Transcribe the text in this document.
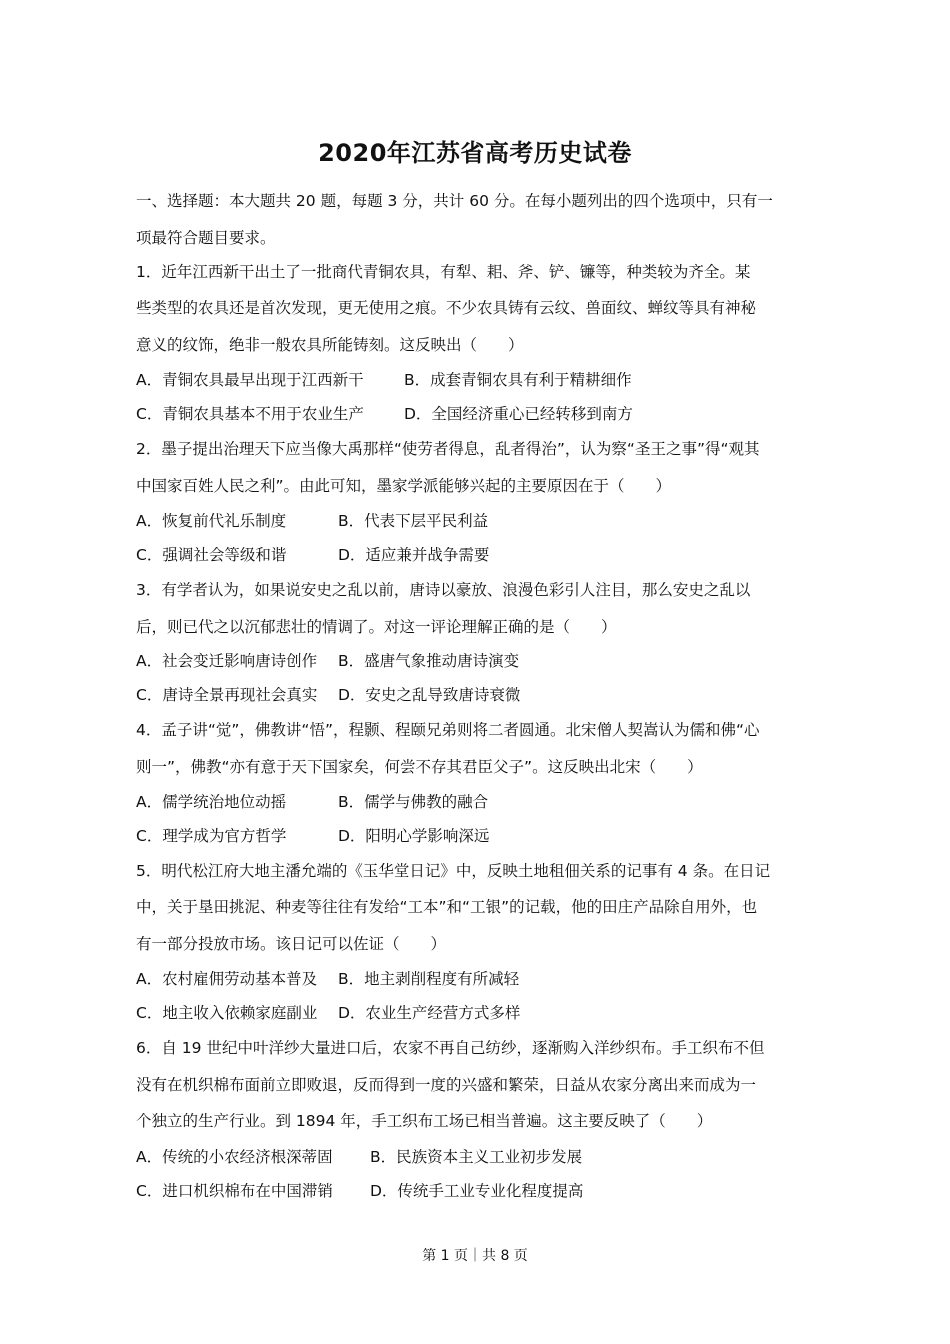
2020年江苏省高考历史试卷
一、选择题：本大题共 20 题，每题 3 分，共计 60 分。在每小题列出的四个选项中，只有一
项最符合题目要求。
1．近年江西新干出土了一批商代青铜农具，有犁、耜、斧、铲、镰等，种类较为齐全。某
些类型的农具还是首次发现，更无使用之痕。不少农具铸有云纹、兽面纹、蝉纹等具有神秘
意义的纹饰，绝非一般农具所能铸刻。这反映出（　　）
A．青铜农具最早出现于江西新干	B．成套青铜农具有利于精耕细作
C．青铜农具基本不用于农业生产	D．全国经济重心已经转移到南方
2．墨子提出治理天下应当像大禹那样“使劳者得息，乱者得治”，认为察“圣王之事”得“观其
中国家百姓人民之利”。由此可知，墨家学派能够兴起的主要原因在于（　　）
A．恢复前代礼乐制度	B．代表下层平民利益
C．强调社会等级和谐	D．适应兼并战争需要
3．有学者认为，如果说安史之乱以前，唐诗以豪放、浪漫色彩引人注目，那么安史之乱以
后，则已代之以沉郁悲壮的情调了。对这一评论理解正确的是（　　）
A．社会变迁影响唐诗创作 B．盛唐气象推动唐诗演变
C．唐诗全景再现社会真实 D．安史之乱导致唐诗衰微
4．孟子讲“觉”，佛教讲“悟”，程颢、程颐兄弟则将二者圆通。北宋僧人契嵩认为儒和佛“心
则一”，佛教“亦有意于天下国家矣，何尝不存其君臣父子”。这反映出北宋（　　）
A．儒学统治地位动摇	B．儒学与佛教的融合
C．理学成为官方哲学	D．阳明心学影响深远
5．明代松江府大地主潘允端的《玉华堂日记》中，反映土地租佃关系的记事有 4 条。在日记
中，关于垦田挑泥、种麦等往往有发给“工本”和“工银”的记载，他的田庄产品除自用外，也
有一部分投放市场。该日记可以佐证（　　）
A．农村雇佣劳动基本普及 B．地主剥削程度有所减轻
C．地主收入依赖家庭副业 D．农业生产经营方式多样
6．自 19 世纪中叶洋纱大量进口后，农家不再自己纺纱，逐渐购入洋纱织布。手工织布不但
没有在机织棉布面前立即败退，反而得到一度的兴盛和繁荣，日益从农家分离出来而成为一
个独立的生产行业。到 1894 年，手工织布工场已相当普遍。这主要反映了（　　）
A．传统的小农经济根深蒂固 B．民族资本主义工业初步发展
C．进口机织棉布在中国滞销 D．传统手工业专业化程度提高
第 1 页｜共 8 页
